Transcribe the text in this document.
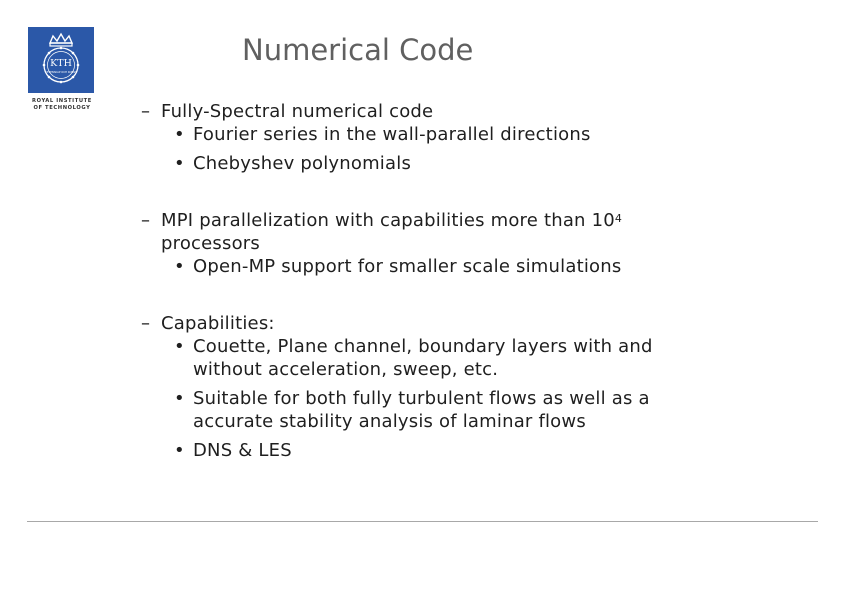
KTH
VETENSKAP OCH KONST
ROYAL INSTITUTE
OF TECHNOLOGY
Numerical Code
– Fully-Spectral numerical code
• Fourier series in the wall-parallel directions
• Chebyshev polynomials
– MPI parallelization with capabilities more than $10^4$
processors
• Open-MP support for smaller scale simulations
– Capabilities:
• Couette, Plane channel, boundary layers with and without acceleration, sweep, etc.
• Suitable for both fully turbulent flows as well as a accurate stability analysis of laminar flows
• DNS & LES
